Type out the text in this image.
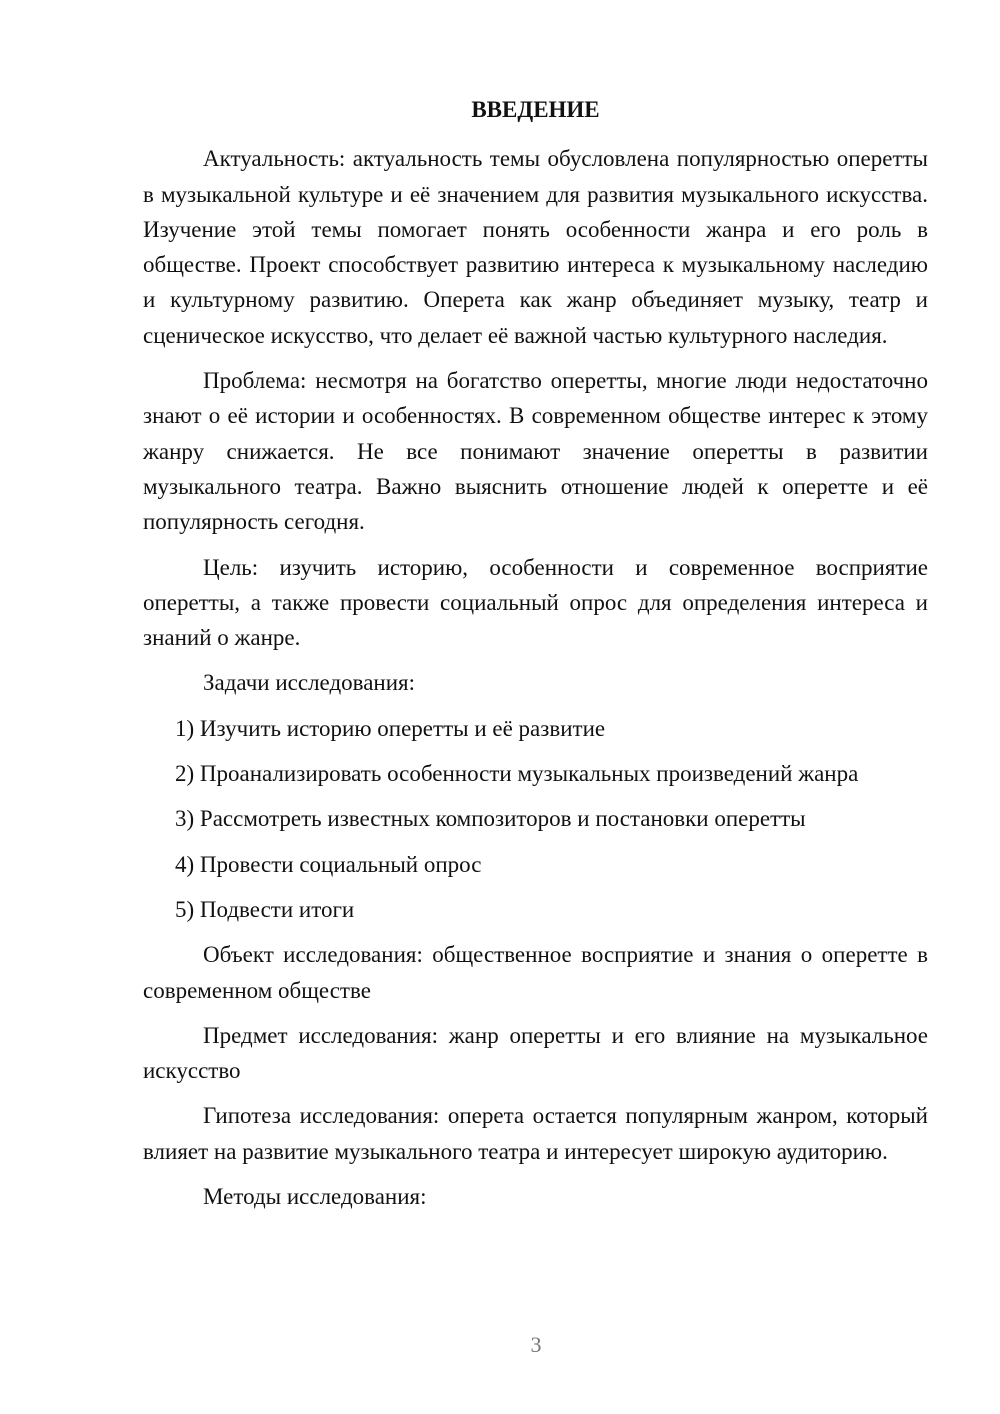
ВВЕДЕНИЕ

Актуальность: актуальность темы обусловлена популярностью оперетты в музыкальной культуре и её значением для развития музыкального искусства. Изучение этой темы помогает понять особенности жанра и его роль в обществе. Проект способствует развитию интереса к музыкальному наследию и культурному развитию. Оперета как жанр объединяет музыку, театр и сценическое искусство, что делает её важной частью культурного наследия.

Проблема: несмотря на богатство оперетты, многие люди недостаточно знают о её истории и особенностях. В современном обществе интерес к этому жанру снижается. Не все понимают значение оперетты в развитии музыкального театра. Важно выяснить отношение людей к оперетте и её популярность сегодня.

Цель: изучить историю, особенности и современное восприятие оперетты, а также провести социальный опрос для определения интереса и знаний о жанре.

Задачи исследования:

1) Изучить историю оперетты и её развитие

2) Проанализировать особенности музыкальных произведений жанра

3) Рассмотреть известных композиторов и постановки оперетты

4) Провести социальный опрос

5) Подвести итоги

Объект исследования: общественное восприятие и знания о оперетте в современном обществе

Предмет исследования: жанр оперетты и его влияние на музыкальное искусство

Гипотеза исследования: оперета остается популярным жанром, который влияет на развитие музыкального театра и интересует широкую аудиторию.

Методы исследования:

3
